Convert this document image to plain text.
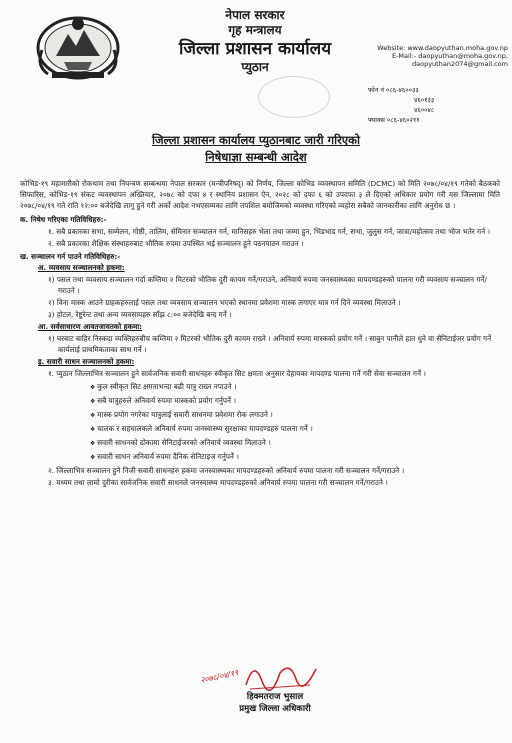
नेपाल सरकार
गृह मन्त्रालय
जिल्ला प्रशासन कार्यालय
प्युठान
Website: www.daopyuthan.moha.gov.np
E-Mail:- daopyuthan@moha.gov.np,
daopyuthan2074@gmail.com
फोन नं ०८६-४६००३३
४६०१३३
४६००४८
फ्याक्स ०८६-४६०२११
जिल्ला प्रशासन कार्यालय प्युठानबाट जारी गरिएको
निषेधाज्ञा सम्बन्धी आदेश

कोभिड-१९ महामारीको रोकथाम तथा नियन्त्रण सम्बन्धमा नेपाल सरकार (मन्त्रीपरिषद्) को निर्णय, जिल्ला कोभिड व्यवस्थापन समिति (DCMC) को मिति २०७८/०४/१९ गतेको बैठकको सिफारिस, कोभिड-१९ संकट व्यवस्थापन अख्तियार, २०७८ को दफा ४ र स्थानिय प्रशासन ऐन, २०२८ को दफा ६ को उपदफा ३ ले दिएको अधिकार प्रयोग गरी यस जिल्लामा मिति २०७८/०४/१९ गते राति १२:०० बजेदेखि लागु हुने गरी अर्को आदेश नभएसम्मका लागि तपशिल बमोजिमको व्यवस्था गरिएको व्यहोरा सबैको जानकारीका लागि अनुरोध छ ।

क. निषेध गरिएका गतिविधिहरु:-

१. सबै प्रकारका सभा, सम्मेलन, गोष्ठी, तालिम, सेमिनार सञ्चालन गर्न, मानिसहरु भेला तथा जम्मा हुन, भिडभाड गर्न, सभा, जुलुस गर्न, जात्रा/महोत्सव तथा भोज भतेर गर्न ।

२. सबै प्रकारका शैक्षिक संस्थाहरुबाट भौतिक रुपमा उपस्थित भई सञ्चालन हुने पठनपाठन गराउन ।

ख. सञ्चालन गर्न पाउने गतिविधिहरु:-

अ. व्यवसाय सञ्चालनको हकमा:

१) पसल तथा व्यवसाय सञ्चालन गर्दा कम्तिमा २ मिटरको भौतिक दुरी कायम गर्ने/गराउने, अनिवार्य रुपमा जनस्वास्थ्यका मापदण्डहरुको पालना गरी व्यवसाय सञ्चालन गर्ने/गराउने ।

२) विना मास्क आउने ग्राहकहरुलाई पसल तथा व्यवसाय सञ्चालन भएको स्थानमा प्रवेशमा मास्क लगाएर मात्र गर्न दिने व्यवस्था मिलाउने ।

३) होटल, रेष्टुरेन्ट तथा अन्य व्यवसायहरु साँझ ८:०० बजेदेखि बन्द गर्ने ।

आ. सर्वसाधारण आवतजावतको हकमा:

१) घरबाट बाहिर निस्कदा व्यक्तिहरुबीच कम्तिमा २ मिटरको भौतिक दुरी कायम राख्ने । अनिवार्य रुपमा मास्कको प्रयोग गर्ने । साबुन पानीले हात धुने वा सेनिटाईजर प्रयोग गर्ने कार्यलाई प्राथमिकताका साथ गर्ने ।

इ. सवारी साधन सञ्चालनको हकमा:

१. प्युठान जिल्लाभित्र सञ्चालन हुने सार्वजनिक सवारी साधनहरु स्वीकृत सिट क्षमता अनुसार देहायका मापदण्ड पालना गर्ने गरी सेवा सञ्चालन गर्ने ।

❖ कुल स्वीकृत सिट क्षमताभन्दा बढी यात्रु राख्न नपाउने ।

❖ सबै यात्रुहरुले अनिवार्य रुपमा मास्कको प्रयोग गर्नुपर्ने ।

❖ मास्क प्रयोग नगरेका यात्रुलाई सवारी साधनमा प्रवेशमा रोक लगाउने ।

❖ चालक र सहचालकले अनिवार्य रुपमा जनस्वास्थ्य सुरक्षाका मापदण्डहरु पालना गर्ने ।

❖ सवारी साधनको ढोकामा सेनिटाईजरको अनिवार्य व्यवस्था मिलाउने ।

❖ सवारी साधन अनिवार्य रुपमा दैनिक सेनिटाइज गर्नुपर्ने ।

२. जिल्लाभित्र सञ्चालन हुने निजी सवारी साधनहरु हकमा जनस्वास्थ्यका मापदण्डहरुको अनिवार्य रुपमा पालना गरी सञ्चालन गर्ने/गराउने ।

३. मध्यम तथा लामो दुरीका सार्वजनिक सवारी साधनले जनस्वास्थ्य मापदण्डहरुको अनिवार्य रुपमा पालना गरी सञ्चालन गर्ने/गराउने ।

२०७८/०४/१९
हिक्मतराज भुसाल
प्रमुख जिल्ला अधिकारी
